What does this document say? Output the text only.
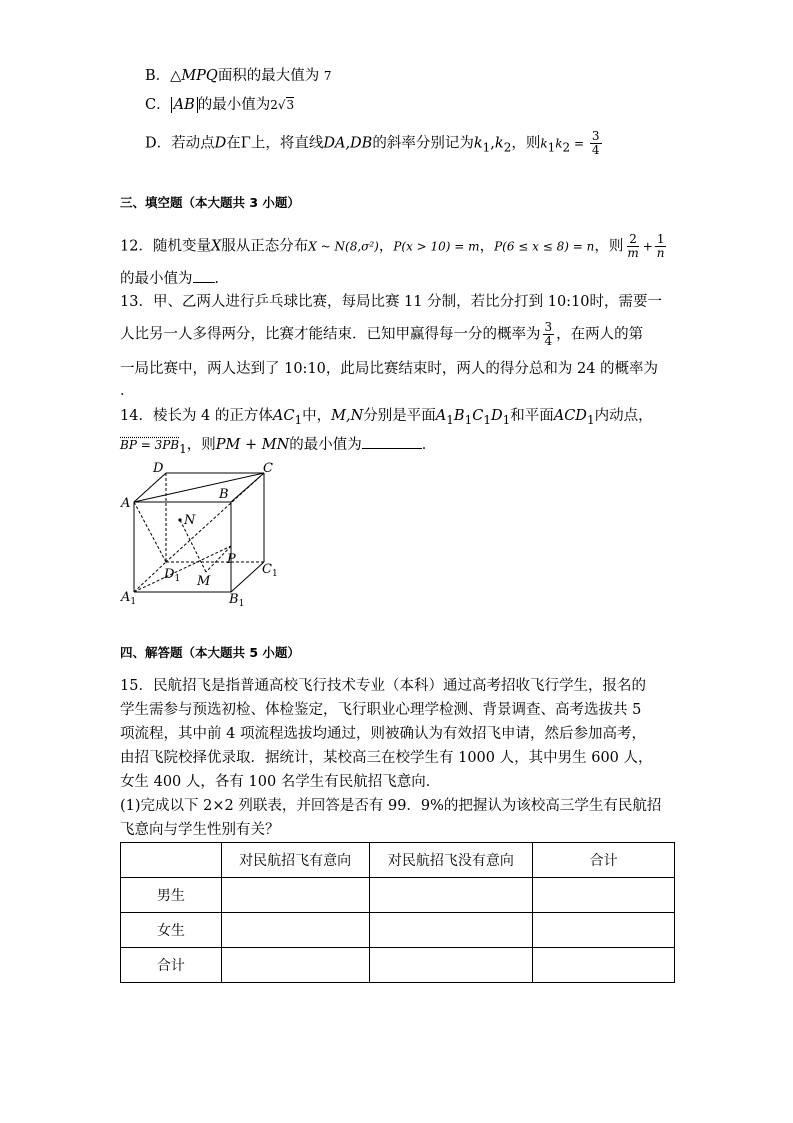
B．△MPQ面积的最大值为 7
C． AB 的最小值为2√3
D．若动点D在Γ上，将直线DA,DB的斜率分别记为$k_1,k_2$，则$k_1k_2 = \frac{3}{4}$
三、填空题（本大题共 3 小题）
12．随机变量X服从正态分布X ~ N(8,σ²)，P(x > 10) = m，P(6 ≤ x ≤ 8) = n，则 $\frac{2}{m} + \frac{1}{n}$
的最小值为 ．
13．甲、乙两人进行乒乓球比赛，每局比赛 11 分制，若比分打到 10:10时，需要一
人比另一人多得两分，比赛才能结束．已知甲赢得每一分的概率为 $\frac{3}{4}$ ，在两人的第
一局比赛中，两人达到了 10:10，此局比赛结束时，两人的得分总和为 24 的概率为
．
14．棱长为 4 的正方体$AC_1$中，M,N分别是平面$A_1B_1C_1D_1$和平面$ACD_1$内动点，
BP = $3PB_1$，则PM + MN的最小值为	．
D	C
A
B
N
P
$D_1$ M
$C_1$
$A_1$	$B_1$
四、解答题（本大题共 5 小题）
15．民航招飞是指普通高校飞行技术专业（本科）通过高考招收飞行学生，报名的
学生需参与预选初检、体检鉴定，飞行职业心理学检测、背景调查、高考选拔共 5
项流程，其中前 4 项流程选拔均通过，则被确认为有效招飞申请，然后参加高考，
由招飞院校择优录取．据统计，某校高三在校学生有 1000 人，其中男生 600 人，
女生 400 人，各有 100 名学生有民航招飞意向．
(1)完成以下 2×2 列联表，并回答是否有 99．9%的把握认为该校高三学生有民航招
飞意向与学生性别有关？
	对民航招飞有意向	对民航招飞没有意向	合计
男生			
女生			
合计			
